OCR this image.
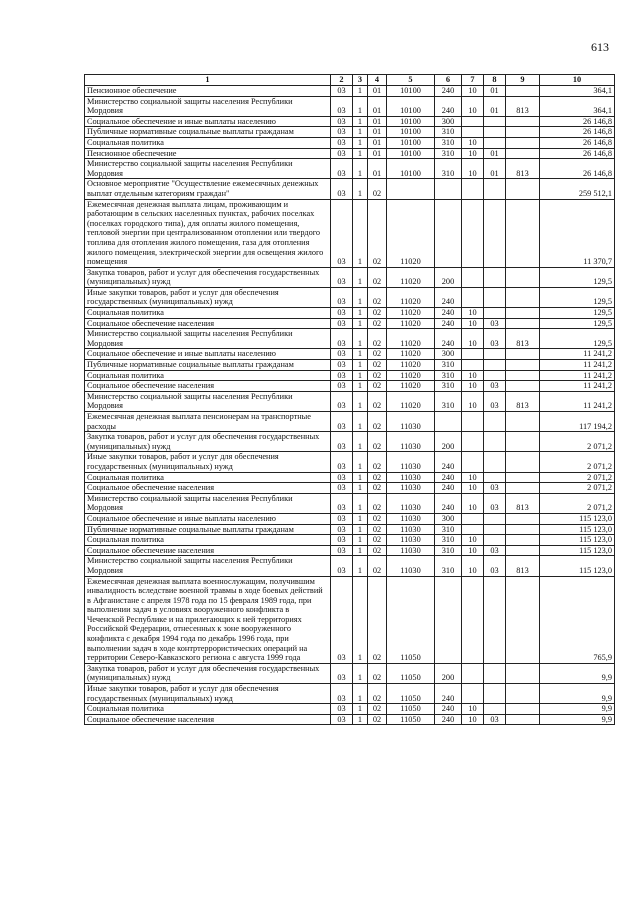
613
1	2	3	4	5	6	7	8	9	10
Пенсионное обеспечение	03	1	01	10100	240	10	01		364,1
Министерство социальной защиты населения Республики Мордовия	03	1	01	10100	240	10	01	813	364,1
Социальное обеспечение и иные выплаты населению	03	1	01	10100	300				26 146,8
Публичные нормативные социальные выплаты гражданам	03	1	01	10100	310				26 146,8
Социальная политика	03	1	01	10100	310	10			26 146,8
Пенсионное обеспечение	03	1	01	10100	310	10	01		26 146,8
Министерство социальной защиты населения Республики Мордовия	03	1	01	10100	310	10	01	813	26 146,8
Основное мероприятие "Осуществление ежемесячных денежных выплат отдельным категориям граждан"	03	1	02						259 512,1
Ежемесячная денежная выплата лицам, проживающим и работающим в сельских населенных пунктах, рабочих поселках (поселках городского типа), для оплаты жилого помещения, тепловой энергии при централизованном отоплении или твердого топлива для отопления жилого помещения, газа для отопления жилого помещения, электрической энергии для освещения жилого помещения	03	1	02	11020					11 370,7
Закупка товаров, работ и услуг для обеспечения государственных (муниципальных) нужд	03	1	02	11020	200				129,5
Иные закупки товаров, работ и услуг для обеспечения государственных (муниципальных) нужд	03	1	02	11020	240				129,5
Социальная политика	03	1	02	11020	240	10			129,5
Социальное обеспечение населения	03	1	02	11020	240	10	03		129,5
Министерство социальной защиты населения Республики Мордовия	03	1	02	11020	240	10	03	813	129,5
Социальное обеспечение и иные выплаты населению	03	1	02	11020	300				11 241,2
Публичные нормативные социальные выплаты гражданам	03	1	02	11020	310				11 241,2
Социальная политика	03	1	02	11020	310	10			11 241,2
Социальное обеспечение населения	03	1	02	11020	310	10	03		11 241,2
Министерство социальной защиты населения Республики Мордовия	03	1	02	11020	310	10	03	813	11 241,2
Ежемесячная денежная выплата пенсионерам на транспортные расходы	03	1	02	11030					117 194,2
Закупка товаров, работ и услуг для обеспечения государственных (муниципальных) нужд	03	1	02	11030	200				2 071,2
Иные закупки товаров, работ и услуг для обеспечения государственных (муниципальных) нужд	03	1	02	11030	240				2 071,2
Социальная политика	03	1	02	11030	240	10			2 071,2
Социальное обеспечение населения	03	1	02	11030	240	10	03		2 071,2
Министерство социальной защиты населения Республики Мордовия	03	1	02	11030	240	10	03	813	2 071,2
Социальное обеспечение и иные выплаты населению	03	1	02	11030	300				115 123,0
Публичные нормативные социальные выплаты гражданам	03	1	02	11030	310				115 123,0
Социальная политика	03	1	02	11030	310	10			115 123,0
Социальное обеспечение населения	03	1	02	11030	310	10	03		115 123,0
Министерство социальной защиты населения Республики Мордовия	03	1	02	11030	310	10	03	813	115 123,0
Ежемесячная денежная выплата военнослужащим, получившим инвалидность вследствие военной травмы в ходе боевых действий в Афганистане с апреля 1978 года по 15 февраля 1989 года, при выполнении задач в условиях вооруженного конфликта в Чеченской Республике и на прилегающих к ней территориях Российской Федерации, отнесенных к зоне вооруженного конфликта с декабря 1994 года по декабрь 1996 года, при выполнении задач в ходе контртеррористических операций на территории Северо-Кавказского региона с августа 1999 года	03	1	02	11050					765,9
Закупка товаров, работ и услуг для обеспечения государственных (муниципальных) нужд	03	1	02	11050	200				9,9
Иные закупки товаров, работ и услуг для обеспечения государственных (муниципальных) нужд	03	1	02	11050	240				9,9
Социальная политика	03	1	02	11050	240	10			9,9
Социальное обеспечение населения	03	1	02	11050	240	10	03		9,9
